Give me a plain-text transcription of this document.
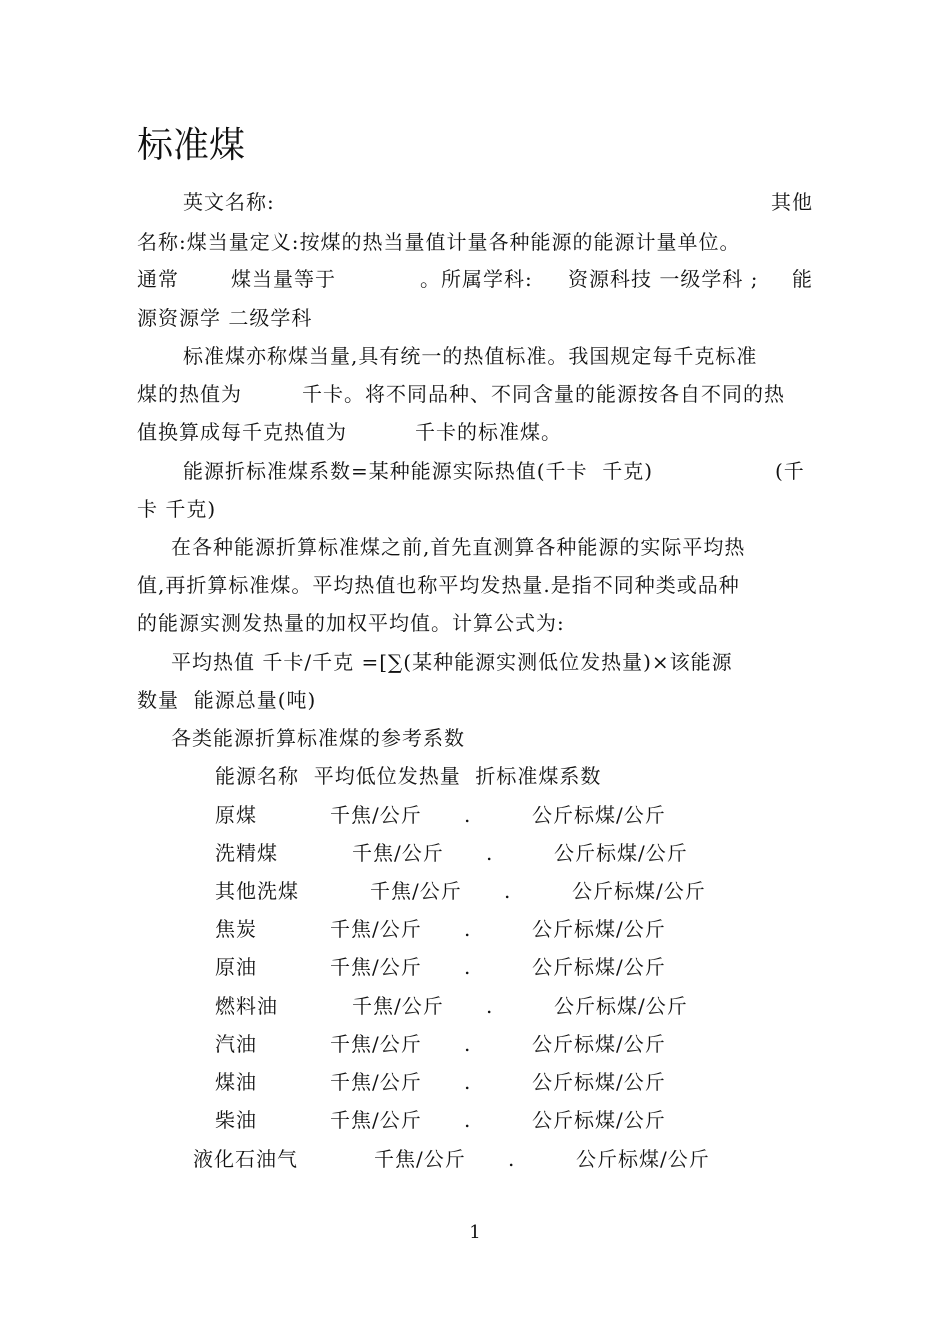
标准煤
英文名称:	其他
名称:煤当量定义:按煤的热当量值计量各种能源的能源计量单位。
通常	煤当量等于	。所属学科: 资源科技 一级学科 ; 能
源资源学 二级学科
标准煤亦称煤当量,具有统一的热值标准。我国规定每千克标准
煤的热值为	千卡。将不同品种、不同含量的能源按各自不同的热
值换算成每千克热值为	千卡的标准煤。
能源折标准煤系数=某种能源实际热值(千卡  千克)	(千
卡 千克)
在各种能源折算标准煤之前,首先直测算各种能源的实际平均热
值,再折算标准煤。平均热值也称平均发热量.是指不同种类或品种
的能源实测发热量的加权平均值。计算公式为:
平均热值 千卡/千克 =[∑(某种能源实测低位发热量)×该能源
数量  能源总量(吨)
各类能源折算标准煤的参考系数
能源名称  平均低位发热量  折标准煤系数
原煤	千焦/公斤 .	公斤标煤/公斤
洗精煤	千焦/公斤 .	公斤标煤/公斤
其他洗煤	千焦/公斤 .	公斤标煤/公斤
焦炭	千焦/公斤 .	公斤标煤/公斤
原油	千焦/公斤 .	公斤标煤/公斤
燃料油	千焦/公斤 .	公斤标煤/公斤
汽油	千焦/公斤 .	公斤标煤/公斤
煤油	千焦/公斤 .	公斤标煤/公斤
柴油	千焦/公斤 .	公斤标煤/公斤
液化石油气	千焦/公斤 .	公斤标煤/公斤
1
